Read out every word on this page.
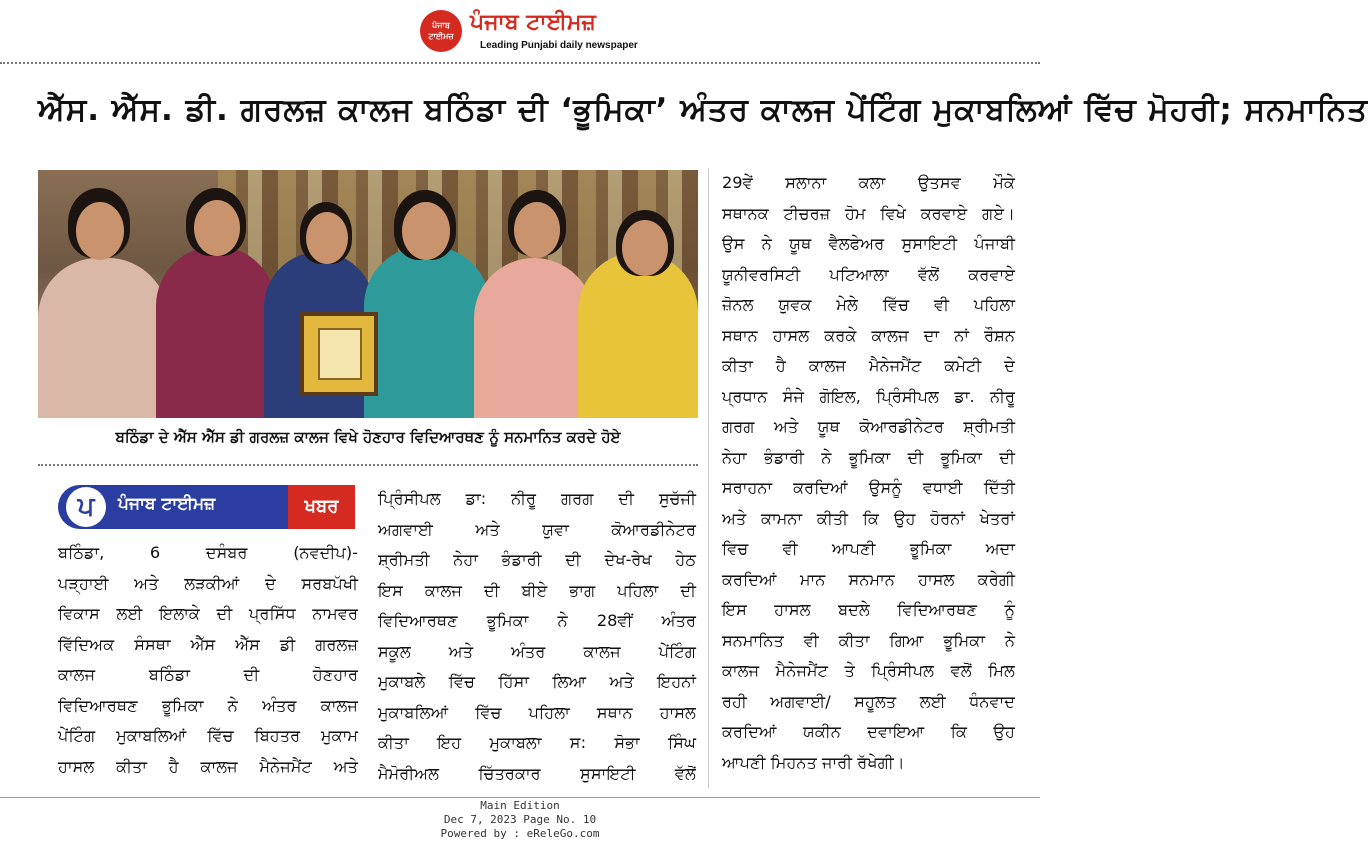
ਪੰਜਾਬ ਟਾਈਮਜ਼
ਪੰਜਾਬ ਟਾਈਮਜ਼
Leading Punjabi daily newspaper
ਐੱਸ. ਐੱਸ. ਡੀ. ਗਰਲਜ਼ ਕਾਲਜ ਬਠਿੰਡਾ ਦੀ ‘ਭੂਮਿਕਾ’ ਅੰਤਰ ਕਾਲਜ ਪੇਂਟਿੰਗ ਮੁਕਾਬਲਿਆਂ ਵਿੱਚ ਮੋਹਰੀ; ਸਨਮਾਨਿਤ
ਬਠਿੰਡਾ ਦੇ ਐੱਸ ਐੱਸ ਡੀ ਗਰਲਜ਼ ਕਾਲਜ ਵਿਖੇ ਹੋਣਹਾਰ ਵਿਦਿਆਰਥਣ ਨੂੰ ਸਨਮਾਨਿਤ ਕਰਦੇ ਹੋਏ
ਪ	ਪੰਜਾਬ ਟਾਈਮਜ਼	ਖਬਰ

ਬਠਿੰਡਾ, 6 ਦਸੰਬਰ (ਨਵਦੀਪ)-

ਪੜ੍ਹਾਈ ਅਤੇ ਲੜਕੀਆਂ ਦੇ ਸਰਬਪੱਖੀ

ਵਿਕਾਸ ਲਈ ਇਲਾਕੇ ਦੀ ਪ੍ਰਸਿੱਧ ਨਾਮਵਰ

ਵਿੱਦਿਅਕ ਸੰਸਥਾ ਐੱਸ ਐੱਸ ਡੀ ਗਰਲਜ਼

ਕਾਲਜ ਬਠਿੰਡਾ ਦੀ ਹੋਣਹਾਰ

ਵਿਦਿਆਰਥਣ ਭੂਮਿਕਾ ਨੇ ਅੰਤਰ ਕਾਲਜ

ਪੇਂਟਿੰਗ ਮੁਕਾਬਲਿਆਂ ਵਿੱਚ ਬਿਹਤਰ ਮੁਕਾਮ

ਹਾਸਲ ਕੀਤਾ ਹੈ ਕਾਲਜ ਮੈਨੇਜਮੈਂਟ ਅਤੇ

ਪ੍ਰਿੰਸੀਪਲ ਡਾ: ਨੀਰੂ ਗਰਗ ਦੀ ਸੁਚੱਜੀ

ਅਗਵਾਈ ਅਤੇ ਯੁਵਾ ਕੋਆਰਡੀਨੇਟਰ

ਸ਼੍ਰੀਮਤੀ ਨੇਹਾ ਭੰਡਾਰੀ ਦੀ ਦੇਖ-ਰੇਖ ਹੇਠ

ਇਸ ਕਾਲਜ ਦੀ ਬੀਏ ਭਾਗ ਪਹਿਲਾ ਦੀ

ਵਿਦਿਆਰਥਣ ਭੂਮਿਕਾ ਨੇ 28ਵੀਂ ਅੰਤਰ

ਸਕੂਲ ਅਤੇ ਅੰਤਰ ਕਾਲਜ ਪੇਂਟਿੰਗ

ਮੁਕਾਬਲੇ ਵਿੱਚ ਹਿੱਸਾ ਲਿਆ ਅਤੇ ਇਹਨਾਂ

ਮੁਕਾਬਲਿਆਂ ਵਿੱਚ ਪਹਿਲਾ ਸਥਾਨ ਹਾਸਲ

ਕੀਤਾ ਇਹ ਮੁਕਾਬਲਾ ਸ: ਸੋਭਾ ਸਿੰਘ

ਮੈਮੋਰੀਅਲ ਚਿੱਤਰਕਾਰ ਸੁਸਾਇਟੀ ਵੱਲੋਂ

29ਵੇਂ ਸਲਾਨਾ ਕਲਾ ਉਤਸਵ ਮੌਕੇ

ਸਥਾਨਕ ਟੀਚਰਜ਼ ਹੋਮ ਵਿਖੇ ਕਰਵਾਏ ਗਏ।

ਉਸ ਨੇ ਯੂਥ ਵੈਲਫੇਅਰ ਸੁਸਾਇਟੀ ਪੰਜਾਬੀ

ਯੂਨੀਵਰਸਿਟੀ ਪਟਿਆਲਾ ਵੱਲੋਂ ਕਰਵਾਏ

ਜ਼ੋਨਲ ਯੁਵਕ ਮੇਲੇ ਵਿੱਚ ਵੀ ਪਹਿਲਾ

ਸਥਾਨ ਹਾਸਲ ਕਰਕੇ ਕਾਲਜ ਦਾ ਨਾਂ ਰੌਸ਼ਨ

ਕੀਤਾ ਹੈ ਕਾਲਜ ਮੈਨੇਜਮੈਂਟ ਕਮੇਟੀ ਦੇ

ਪ੍ਰਧਾਨ ਸੰਜੇ ਗੋਇਲ, ਪ੍ਰਿੰਸੀਪਲ ਡਾ. ਨੀਰੂ

ਗਰਗ ਅਤੇ ਯੂਥ ਕੋਆਰਡੀਨੇਟਰ ਸ਼੍ਰੀਮਤੀ

ਨੇਹਾ ਭੰਡਾਰੀ ਨੇ ਭੂਮਿਕਾ ਦੀ ਭੂਮਿਕਾ ਦੀ

ਸਰਾਹਨਾ ਕਰਦਿਆਂ ਉਸਨੂੰ ਵਧਾਈ ਦਿੱਤੀ

ਅਤੇ ਕਾਮਨਾ ਕੀਤੀ ਕਿ ਉਹ ਹੋਰਨਾਂ ਖੇਤਰਾਂ

ਵਿਚ ਵੀ ਆਪਣੀ ਭੂਮਿਕਾ ਅਦਾ

ਕਰਦਿਆਂ ਮਾਨ ਸਨਮਾਨ ਹਾਸਲ ਕਰੇਗੀ

ਇਸ ਹਾਸਲ ਬਦਲੇ ਵਿਦਿਆਰਥਣ ਨੂੰ

ਸਨਮਾਨਿਤ ਵੀ ਕੀਤਾ ਗਿਆ ਭੂਮਿਕਾ ਨੇ

ਕਾਲਜ ਮੈਨੇਜਮੈਂਟ ਤੇ ਪ੍ਰਿੰਸੀਪਲ ਵਲੋਂ ਮਿਲ

ਰਹੀ ਅਗਵਾਈ/ ਸਹੂਲਤ ਲਈ ਧੰਨਵਾਦ

ਕਰਦਿਆਂ ਯਕੀਨ ਦਵਾਇਆ ਕਿ ਉਹ

ਆਪਣੀ ਮਿਹਨਤ ਜਾਰੀ ਰੱਖੇਗੀ।

Main Edition
Dec 7, 2023 Page No. 10
Powered by : eReleGo.com
